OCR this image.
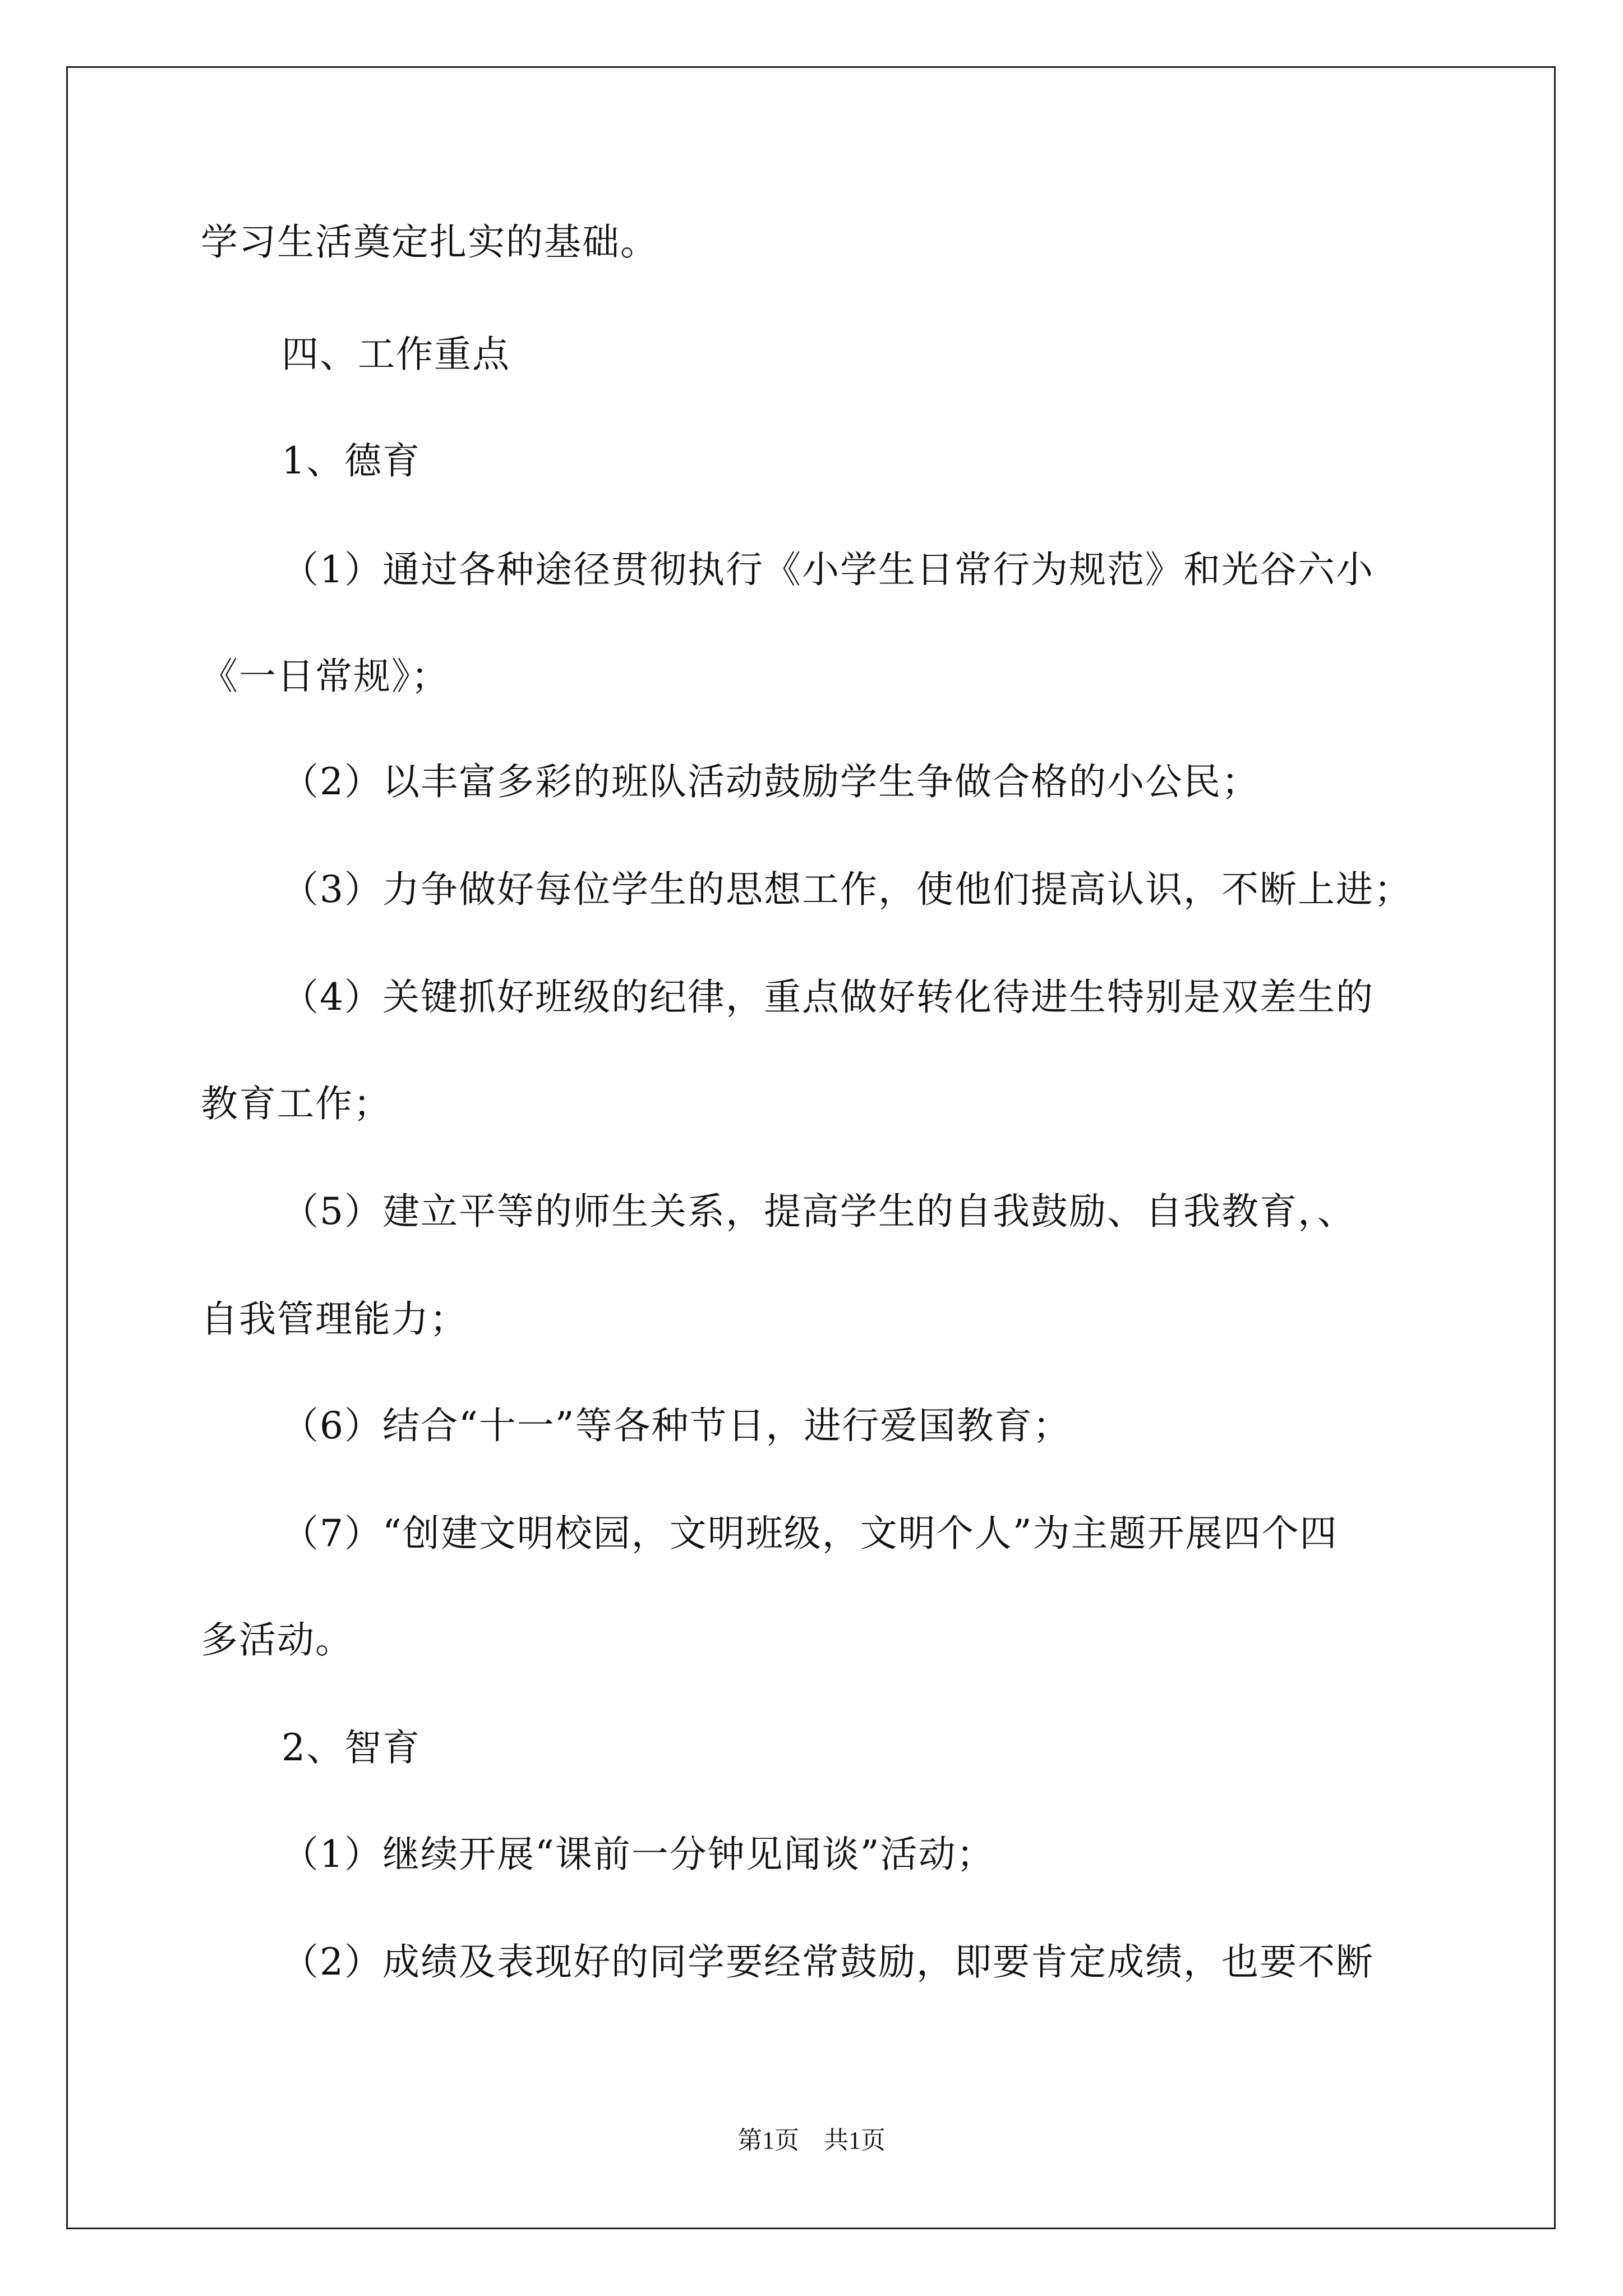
学习生活奠定扎实的基础。
四、工作重点
1、德育
（1）通过各种途径贯彻执行《小学生日常行为规范》和光谷六小
《一日常规》；
（2）以丰富多彩的班队活动鼓励学生争做合格的小公民；
（3）力争做好每位学生的思想工作，使他们提高认识，不断上进；
（4）关键抓好班级的纪律，重点做好转化待进生特别是双差生的
教育工作；
（5）建立平等的师生关系，提高学生的自我鼓励、自我教育，、
自我管理能力；
（6）结合“十一”等各种节日，进行爱国教育；
（7）“创建文明校园，文明班级，文明个人”为主题开展四个四
多活动。
2、智育
（1）继续开展“课前一分钟见闻谈”活动；
（2）成绩及表现好的同学要经常鼓励，即要肯定成绩，也要不断
第1页　共1页
